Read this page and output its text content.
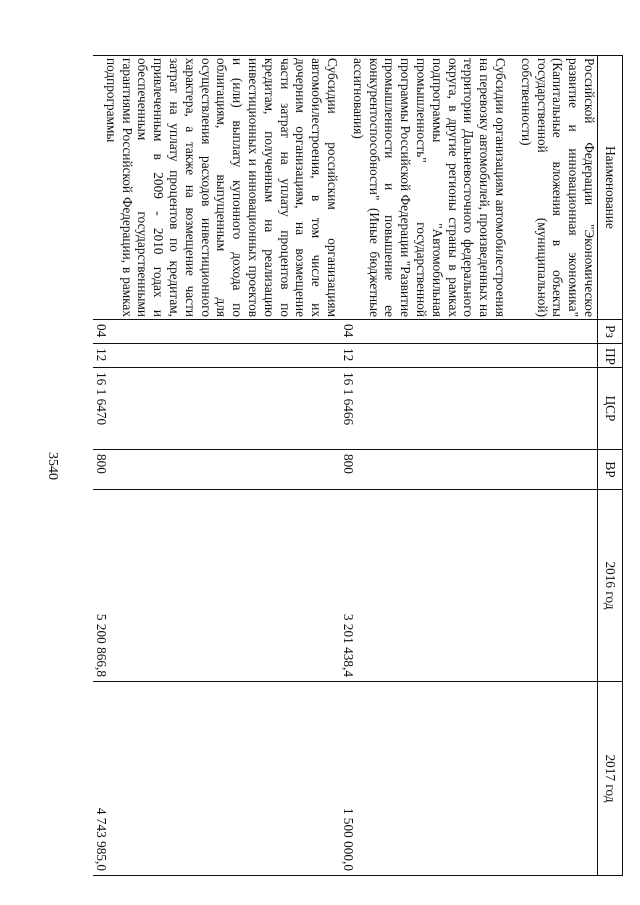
3540
Наименование	Рз	ПР	ЦСР	ВР	2016 год	2017 год
Российской Федерации "Экономическое развитие и инновационная экономика" (Капитальные вложения в объекты государственной (муниципальной) собственности)						
Субсидии организациям автомобилестроения на перевозку автомобилей, произведенных на территории Дальневосточного федерального округа, в другие регионы страны в рамках подпрограммы "Автомобильная промышленность" государственной программы Российской Федерации "Развитие промышленности и повышение ее конкурентоспособности" (Иные бюджетные ассигнования)	04	12	16 1 6466	800	3 201 438,4	1 500 000,0
Субсидии российским организациям автомобилестроения, в том числе их дочерним организациям, на возмещение части затрат на уплату процентов по кредитам, полученным на реализацию инвестиционных и инновационных проектов и (или) выплату купонного дохода по облигациям, выпущенным для осуществления расходов инвестиционного характера, а также на возмещение части затрат на уплату процентов по кредитам, привлеченным в 2009 - 2010 годах и обеспеченным государственными гарантиями Российской Федерации, в рамках подпрограммы	04	12	16 1 6470	800	5 200 866,8	4 743 985,0
